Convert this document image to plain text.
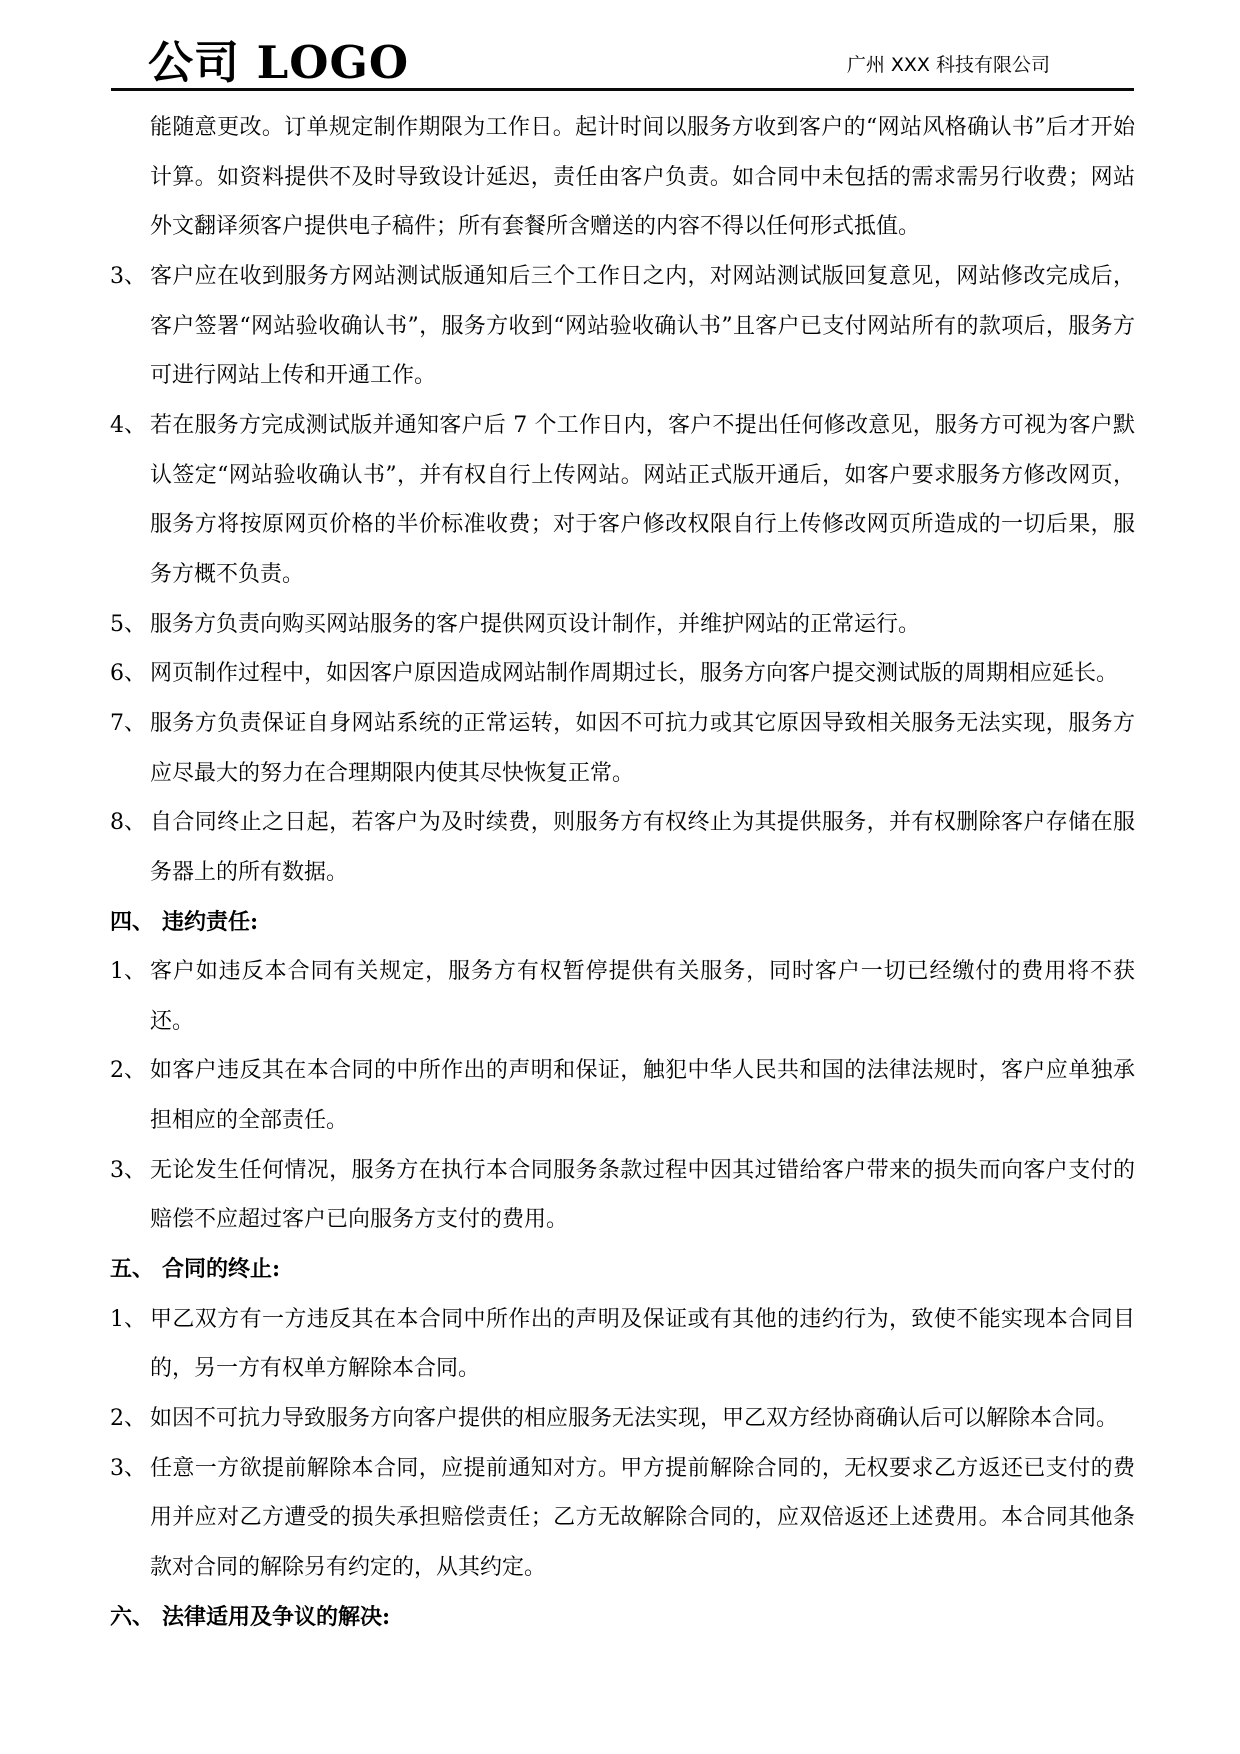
公司 LOGO	广州 XXX 科技有限公司
能随意更改。订单规定制作期限为工作日。起计时间以服务方收到客户的“网站风格确认书”后才开始计算。如资料提供不及时导致设计延迟，责任由客户负责。如合同中未包括的需求需另行收费；网站外文翻译须客户提供电子稿件；所有套餐所含赠送的内容不得以任何形式抵值。
3、 客户应在收到服务方网站测试版通知后三个工作日之内，对网站测试版回复意见，网站修改完成后，客户签署“网站验收确认书”，服务方收到“网站验收确认书”且客户已支付网站所有的款项后，服务方可进行网站上传和开通工作。
4、 若在服务方完成测试版并通知客户后 7 个工作日内，客户不提出任何修改意见，服务方可视为客户默认签定“网站验收确认书”，并有权自行上传网站。网站正式版开通后，如客户要求服务方修改网页，服务方将按原网页价格的半价标准收费；对于客户修改权限自行上传修改网页所造成的一切后果，服务方概不负责。
5、 服务方负责向购买网站服务的客户提供网页设计制作，并维护网站的正常运行。
6、 网页制作过程中，如因客户原因造成网站制作周期过长，服务方向客户提交测试版的周期相应延长。
7、 服务方负责保证自身网站系统的正常运转，如因不可抗力或其它原因导致相关服务无法实现，服务方应尽最大的努力在合理期限内使其尽快恢复正常。
8、 自合同终止之日起，若客户为及时续费，则服务方有权终止为其提供服务，并有权删除客户存储在服务器上的所有数据。
四、 违约责任:
1、 客户如违反本合同有关规定，服务方有权暂停提供有关服务，同时客户一切已经缴付的费用将不获还。
2、 如客户违反其在本合同的中所作出的声明和保证，触犯中华人民共和国的法律法规时，客户应单独承担相应的全部责任。
3、 无论发生任何情况，服务方在执行本合同服务条款过程中因其过错给客户带来的损失而向客户支付的赔偿不应超过客户已向服务方支付的费用。
五、 合同的终止:
1、 甲乙双方有一方违反其在本合同中所作出的声明及保证或有其他的违约行为，致使不能实现本合同目的，另一方有权单方解除本合同。
2、 如因不可抗力导致服务方向客户提供的相应服务无法实现，甲乙双方经协商确认后可以解除本合同。
3、 任意一方欲提前解除本合同，应提前通知对方。甲方提前解除合同的，无权要求乙方返还已支付的费用并应对乙方遭受的损失承担赔偿责任；乙方无故解除合同的，应双倍返还上述费用。本合同其他条款对合同的解除另有约定的，从其约定。
六、 法律适用及争议的解决:
